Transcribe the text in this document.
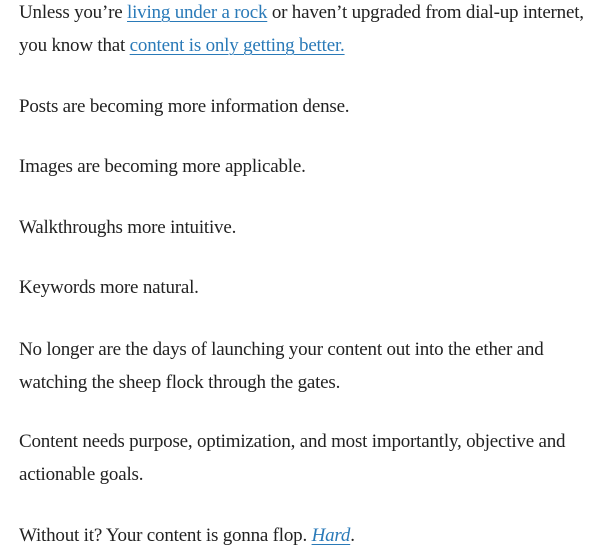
Unless you’re living under a rock or haven’t upgraded from dial-up internet, you know that content is only getting better.

Posts are becoming more information dense.

Images are becoming more applicable.

Walkthroughs more intuitive.

Keywords more natural.

No longer are the days of launching your content out into the ether and watching the sheep flock through the gates.

Content needs purpose, optimization, and most importantly, objective and actionable goals.

Without it? Your content is gonna flop. Hard.
